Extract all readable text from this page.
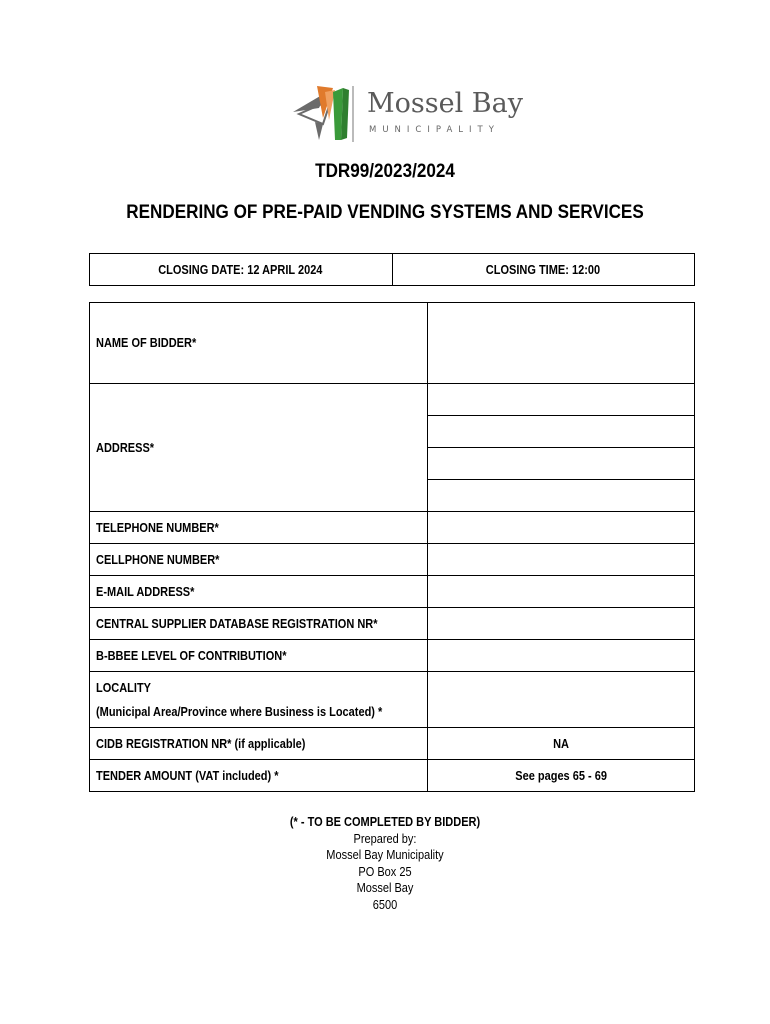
Mossel Bay
MUNICIPALITY
TDR99/2023/2024
RENDERING OF PRE-PAID VENDING SYSTEMS AND SERVICES
CLOSING DATE: 12 APRIL 2024	CLOSING TIME: 12:00
NAME OF BIDDER*	
ADDRESS*	

TELEPHONE NUMBER*	
CELLPHONE NUMBER*	
E-MAIL ADDRESS*	
CENTRAL SUPPLIER DATABASE REGISTRATION NR*	
B-BBEE LEVEL OF CONTRIBUTION*	
LOCALITY
(Municipal Area/Province where Business is Located) *	
CIDB REGISTRATION NR* (if applicable)	NA
TENDER AMOUNT (VAT included) *	See pages 65 - 69
(* - TO BE COMPLETED BY BIDDER)
Prepared by:
Mossel Bay Municipality
PO Box 25
Mossel Bay
6500
